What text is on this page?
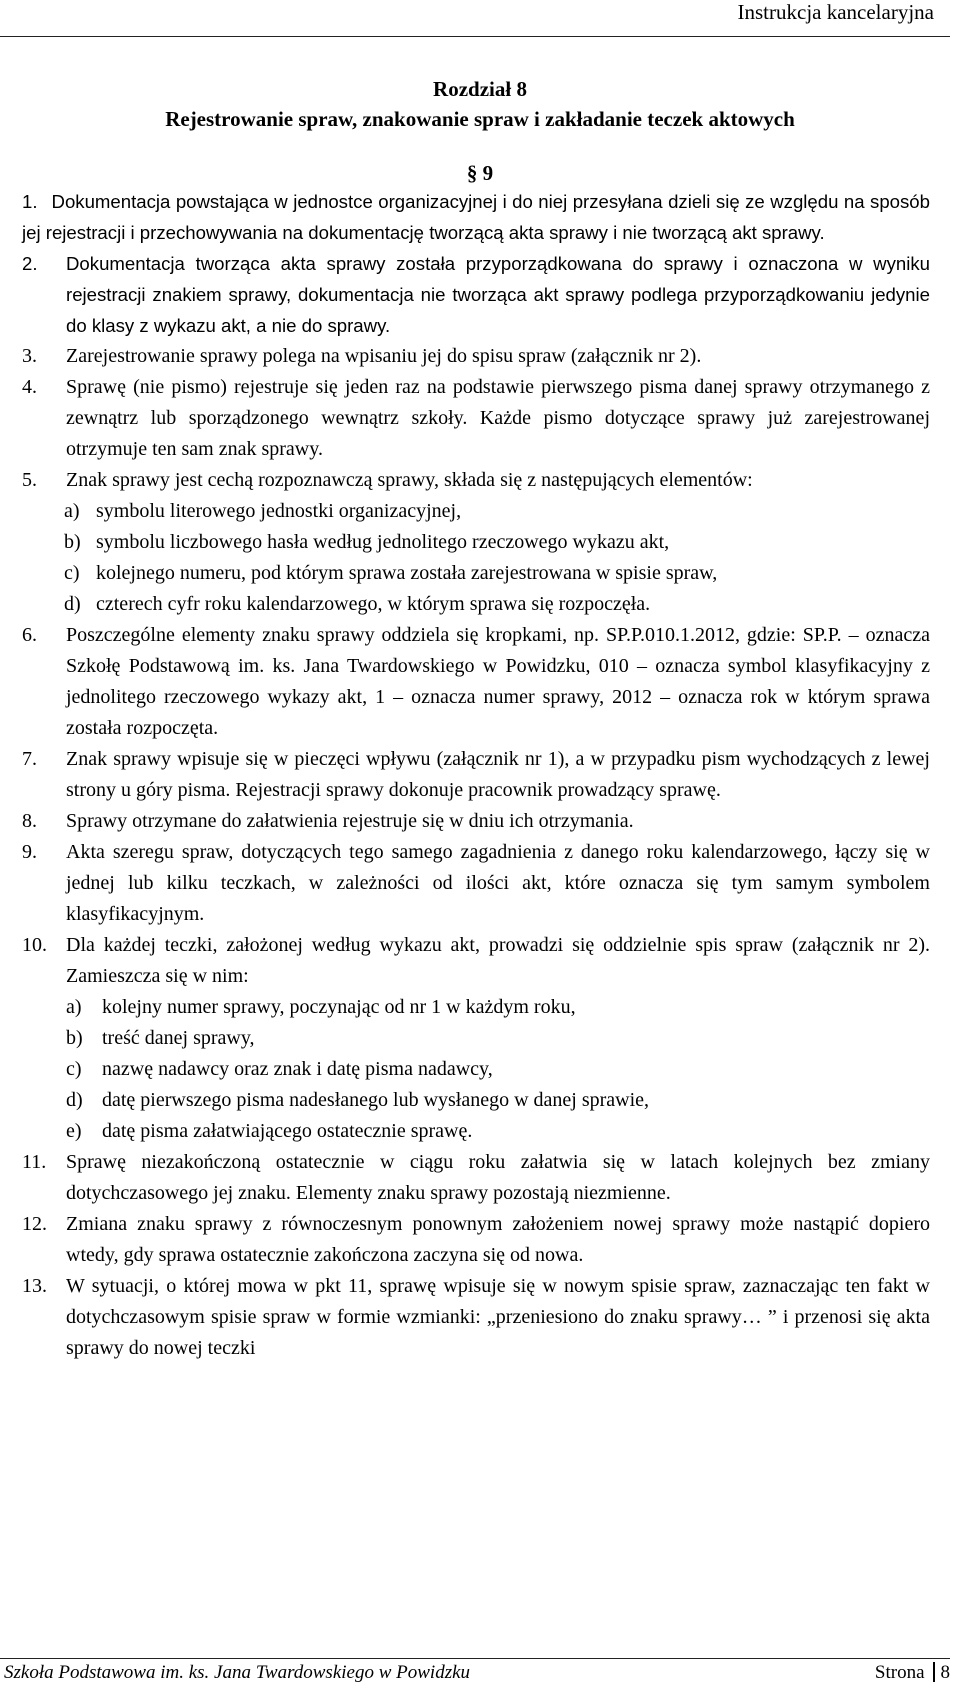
Instrukcja kancelaryjna
Rozdział 8
Rejestrowanie spraw, znakowanie spraw i zakładanie teczek aktowych
§ 9
1. Dokumentacja powstająca w jednostce organizacyjnej i do niej przesyłana dzieli się ze względu na sposób jej rejestracji i przechowywania na dokumentację tworzącą akta sprawy i nie tworzącą akt sprawy.
2. Dokumentacja tworząca akta sprawy została przyporządkowana do sprawy i oznaczona w wyniku rejestracji znakiem sprawy, dokumentacja nie tworząca akt sprawy podlega przyporządkowaniu jedynie do klasy z wykazu akt, a nie do sprawy.
3. Zarejestrowanie sprawy polega na wpisaniu jej do spisu spraw (załącznik nr 2).
4. Sprawę (nie pismo) rejestruje się jeden raz na podstawie pierwszego pisma danej sprawy otrzymanego z zewnątrz lub sporządzonego wewnątrz szkoły. Każde pismo dotyczące sprawy już zarejestrowanej otrzymuje ten sam znak sprawy.
5. Znak sprawy jest cechą rozpoznawczą sprawy, składa się z następujących elementów:
a) symbolu literowego jednostki organizacyjnej,
b) symbolu liczbowego hasła według jednolitego rzeczowego wykazu akt,
c) kolejnego numeru, pod którym sprawa została zarejestrowana w spisie spraw,
d) czterech cyfr roku kalendarzowego, w którym sprawa się rozpoczęła.
6. Poszczególne elementy znaku sprawy oddziela się kropkami, np. SP.P.010.1.2012, gdzie: SP.P. – oznacza Szkołę Podstawową im. ks. Jana Twardowskiego w Powidzku, 010 – oznacza symbol klasyfikacyjny z jednolitego rzeczowego wykazy akt, 1 – oznacza numer sprawy, 2012 – oznacza rok w którym sprawa została rozpoczęta.
7. Znak sprawy wpisuje się w pieczęci wpływu (załącznik nr 1), a w przypadku pism wychodzących z lewej strony u góry pisma. Rejestracji sprawy dokonuje pracownik prowadzący sprawę.
8. Sprawy otrzymane do załatwienia rejestruje się w dniu ich otrzymania.
9. Akta szeregu spraw, dotyczących tego samego zagadnienia z danego roku kalendarzowego, łączy się w jednej lub kilku teczkach, w zależności od ilości akt, które oznacza się tym samym symbolem klasyfikacyjnym.
10. Dla każdej teczki, założonej według wykazu akt, prowadzi się oddzielnie spis spraw (załącznik nr 2). Zamieszcza się w nim:
a) kolejny numer sprawy, poczynając od nr 1 w każdym roku,
b) treść danej sprawy,
c) nazwę nadawcy oraz znak i datę pisma nadawcy,
d) datę pierwszego pisma nadesłanego lub wysłanego w danej sprawie,
e) datę pisma załatwiającego ostatecznie sprawę.
11. Sprawę niezakończoną ostatecznie w ciągu roku załatwia się w latach kolejnych bez zmiany dotychczasowego jej znaku. Elementy znaku sprawy pozostają niezmienne.
12. Zmiana znaku sprawy z równoczesnym ponownym założeniem nowej sprawy może nastąpić dopiero wtedy, gdy sprawa ostatecznie zakończona zaczyna się od nowa.
13. W sytuacji, o której mowa w pkt 11, sprawę wpisuje się w nowym spisie spraw, zaznaczając ten fakt w dotychczasowym spisie spraw w formie wzmianki: „przeniesiono do znaku sprawy… ” i przenosi się akta sprawy do nowej teczki
Szkoła Podstawowa im. ks. Jana Twardowskiego w Powidzku	Strona 8
